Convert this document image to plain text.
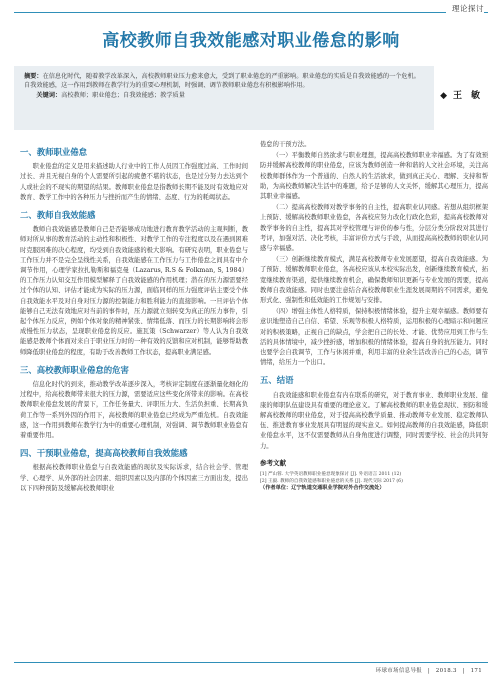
理论探讨
高校教师自我效能感对职业倦怠的影响
摘要：在信息化时代，随着教学改革深入，高校教师职业压力愈来愈大，受到了职业倦怠的严重影响。职业倦怠的实质是自我效能感的一个危机。自我效能感，这一作用到教师在教学行为的重要心理机制，时强调、调节教师职业倦怠有积极影响作用。
关键词：高校教师；职业倦怠；自我效能感；教学质量	◆ 王　敏
一、教师职业倦怠

职业倦怠的定义是用来描述助人行业中的工作人员因工作强度过高、工作时间过长、并且无视自身的个人需要所引起的疲惫不堪的状态，也是过分努力去达到个人或社会的不现实的期望的结果。教师职业倦怠是指教师长期不能及时有效地应对教育、教学工作中的各种压力与挫折而产生的情绪、态度、行为的耗竭状态。

二、教师自我效能感

教师自我效能感是教师自己是否能够成功地进行教育教学活动的主观判断，教师对所从事的教育活动的主动性和积极性、对教学工作的专注程度以及在遇到困难时克服困难的决心程度，均受到自我效能感的极大影响。有研究表明，职业倦怠与工作压力并不是完全呈线性关系，自我效能感在工作压力与工作倦怠之间具有中介调节作用，心理学家拉扎勒斯和福克曼（Lazarus, R.S & Folkman, S, 1984）的工作压力认知交互作用模型解释了自我效能感的作用机理；潜在的压力源需要经过个体的认知、评估才能成为实际的压力源，面临同样的压力强度评估主要受个体自我效能水平及对自身对压力源的控制能力和胜利能力的直接影响。一旦评估个体能够自己无法有效地应对当前的事件时，压力源就立刻转变为真正的压力事件，引起个体压力反应，例如个体对象的精神紧张、情绪低落、而压力的长期影响将会形成慢性压力状态，呈现职业倦怠的反应。施瓦策（Schwarzer）等人认为自我效能感是教师个体面对来自于职业压力时的一种有效的反馈和应对机制，能够帮助教师降低职业倦怠的程度，有助于改善教师工作状态，提高职业满足感。

三、高校教师职业倦怠的危害

信息化时代的到来，推动教学改革逐步深入，考核评定制度在逐渐量化细化的过程中，给高校教师带来很大的压力源，需要适应这些变化所带来的影响。在高校教师职业倦怠发展的背景下，工作任务量大、评职压力大、生活负担重、长期高负荷工作等一系列外因的作用下，高校教师的职业倦怠已经成为严重危机。自我效能感，这一作用到教师在教学行为中的重要心理机制，对强调、调节教师职业倦怠有着重要作用。

四、干预职业倦怠，提高高校教师自我效能感

根据高校教师职业倦怠与自我效能感的现状及实际诉求，结合社会学、管理学、心理学、从外部的社会因素、组织因素以及内部的个体因素三方面出发，提出以下四种预防及缓解高校教师职业

倦怠的干预方法。

（一）平衡教师自然欲求与职业理想，提高高校教师职业幸福感。为了有效预防并缓解高校教师的职业倦怠，应该为教师创造一种和谐的人文社会环境，关注高校教师群体作为一个普通的、自然人的生活欲求，做到真正关心、理解、支持和帮助，为高校教师解决生活中的难题，给予足够的人文关怀，缓解其心理压力，提高其职业幸福感。

（二）提高高校教师对教学事务的自主性，提高职业认同感。若想从组织框架上预防、缓解高校教师职业倦怠，各高校应努力改化行政化色彩，提高高校教师对教学事务的自主性，提高其对学校管理与评价的参与性，分层分类分阶段对其进行考评，加强对活、决化考核，丰富评价方式与手段，从而提高高校教师的职业认同感与幸福感。

（三）创新继续教育模式，满足高校教师专业发展愿望，提高自我效能感。为了预防、缓解教师职业倦怠，各高校应该从本校实际出发，创新继续教育模式，拓宽继续教育渠道，提供继续教育机会，确保教师知识更新与专业发展的需要，提高教师自我效能感。同时也要注意结合高校教师职业生涯发展周期的不同需求，避免形式化、强制性和低效能的工作规划与安排。

（四）增强主体性人格特质，保持积极情绪体验，提升主观幸福感。教师要有意识地塑造自己自信、希望、乐观等积极人格特质，运用积极的心理暗示和问题应对的积极策略，正视自己的缺点，学会把自己的长处、才能、优势应用到工作与生活的具体情境中，减少挫折感，增加积极的情绪体验，提高自身的抗压能力。同时也要学会自我调节，工作与休闲并重，利用丰富的业余生活改善自己的心态，调节情绪，给压力一个出口。

五、结语

自我效能感和职业倦怠有内在联系的研究，对于教育事业、教师职业发展、健康的师职队伍建设具有重要的理论意义。了解高校教师的职业倦怠现状、预防和缓解高校教师的职业倦怠，对于提高高校教学质量、推动教师专业发展、稳定教师队伍、推进教育事业发展具有明显的现实意义。如何提高教师的自我效能感，降低职业倦怠水平，这不仅需要教师从自身角度进行调整，同时需要学校、社会的共同努力。

参考文献
[1] 严山蓉. 大学英语教师职业倦怠现象探讨 [J]. 外语语言 2011 (12)
[2] 王毅. 教师的自我效能感和职业倦怠的关系 [J]. 现代交际 2017 (6)
（作者单位：辽宁轨道交通职业学院对外合作交流处）
环球市场信息导报　|　2018.3　|　171
